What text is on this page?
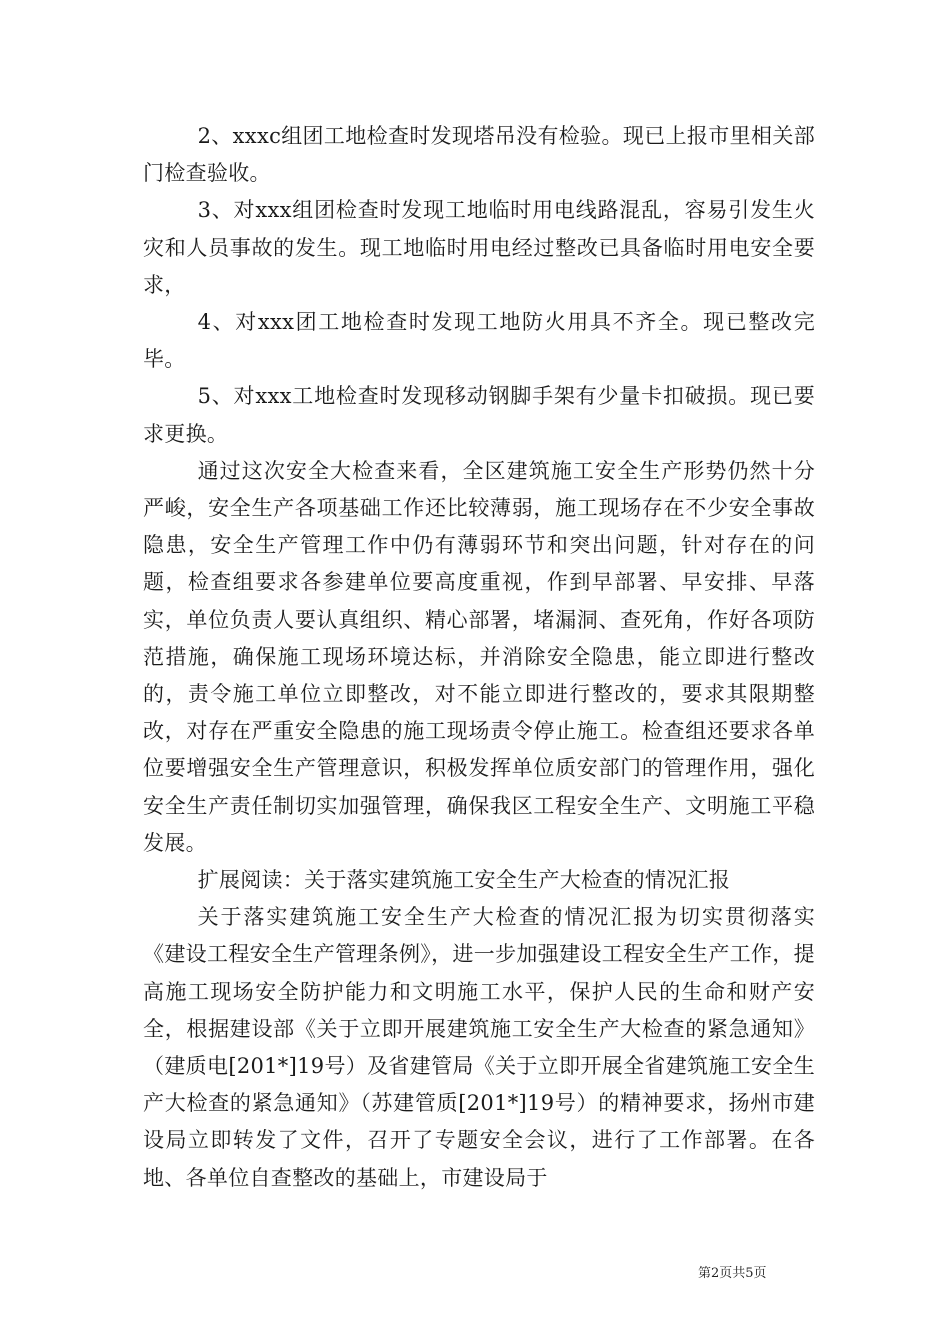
2、xxxc组团工地检查时发现塔吊没有检验。现已上报市里相关部门检查验收。

3、对xxx组团检查时发现工地临时用电线路混乱，容易引发生火灾和人员事故的发生。现工地临时用电经过整改已具备临时用电安全要求，

4、对xxx团工地检查时发现工地防火用具不齐全。现已整改完毕。

5、对xxx工地检查时发现移动钢脚手架有少量卡扣破损。现已要求更换。

通过这次安全大检查来看，全区建筑施工安全生产形势仍然十分严峻，安全生产各项基础工作还比较薄弱，施工现场存在不少安全事故隐患，安全生产管理工作中仍有薄弱环节和突出问题，针对存在的问题，检查组要求各参建单位要高度重视，作到早部署、早安排、早落实，单位负责人要认真组织、精心部署，堵漏洞、查死角，作好各项防范措施，确保施工现场环境达标，并消除安全隐患，能立即进行整改的，责令施工单位立即整改，对不能立即进行整改的，要求其限期整改，对存在严重安全隐患的施工现场责令停止施工。检查组还要求各单位要增强安全生产管理意识，积极发挥单位质安部门的管理作用，强化安全生产责任制切实加强管理，确保我区工程安全生产、文明施工平稳发展。

扩展阅读：关于落实建筑施工安全生产大检查的情况汇报

关于落实建筑施工安全生产大检查的情况汇报为切实贯彻落实《建设工程安全生产管理条例》，进一步加强建设工程安全生产工作，提高施工现场安全防护能力和文明施工水平，保护人民的生命和财产安全，根据建设部《关于立即开展建筑施工安全生产大检查的紧急通知》（建质电[201*]19号）及省建管局《关于立即开展全省建筑施工安全生产大检查的紧急通知》（苏建管质[201*]19号）的精神要求，扬州市建设局立即转发了文件，召开了专题安全会议，进行了工作部署。在各地、各单位自查整改的基础上，市建设局于

第2页共5页
